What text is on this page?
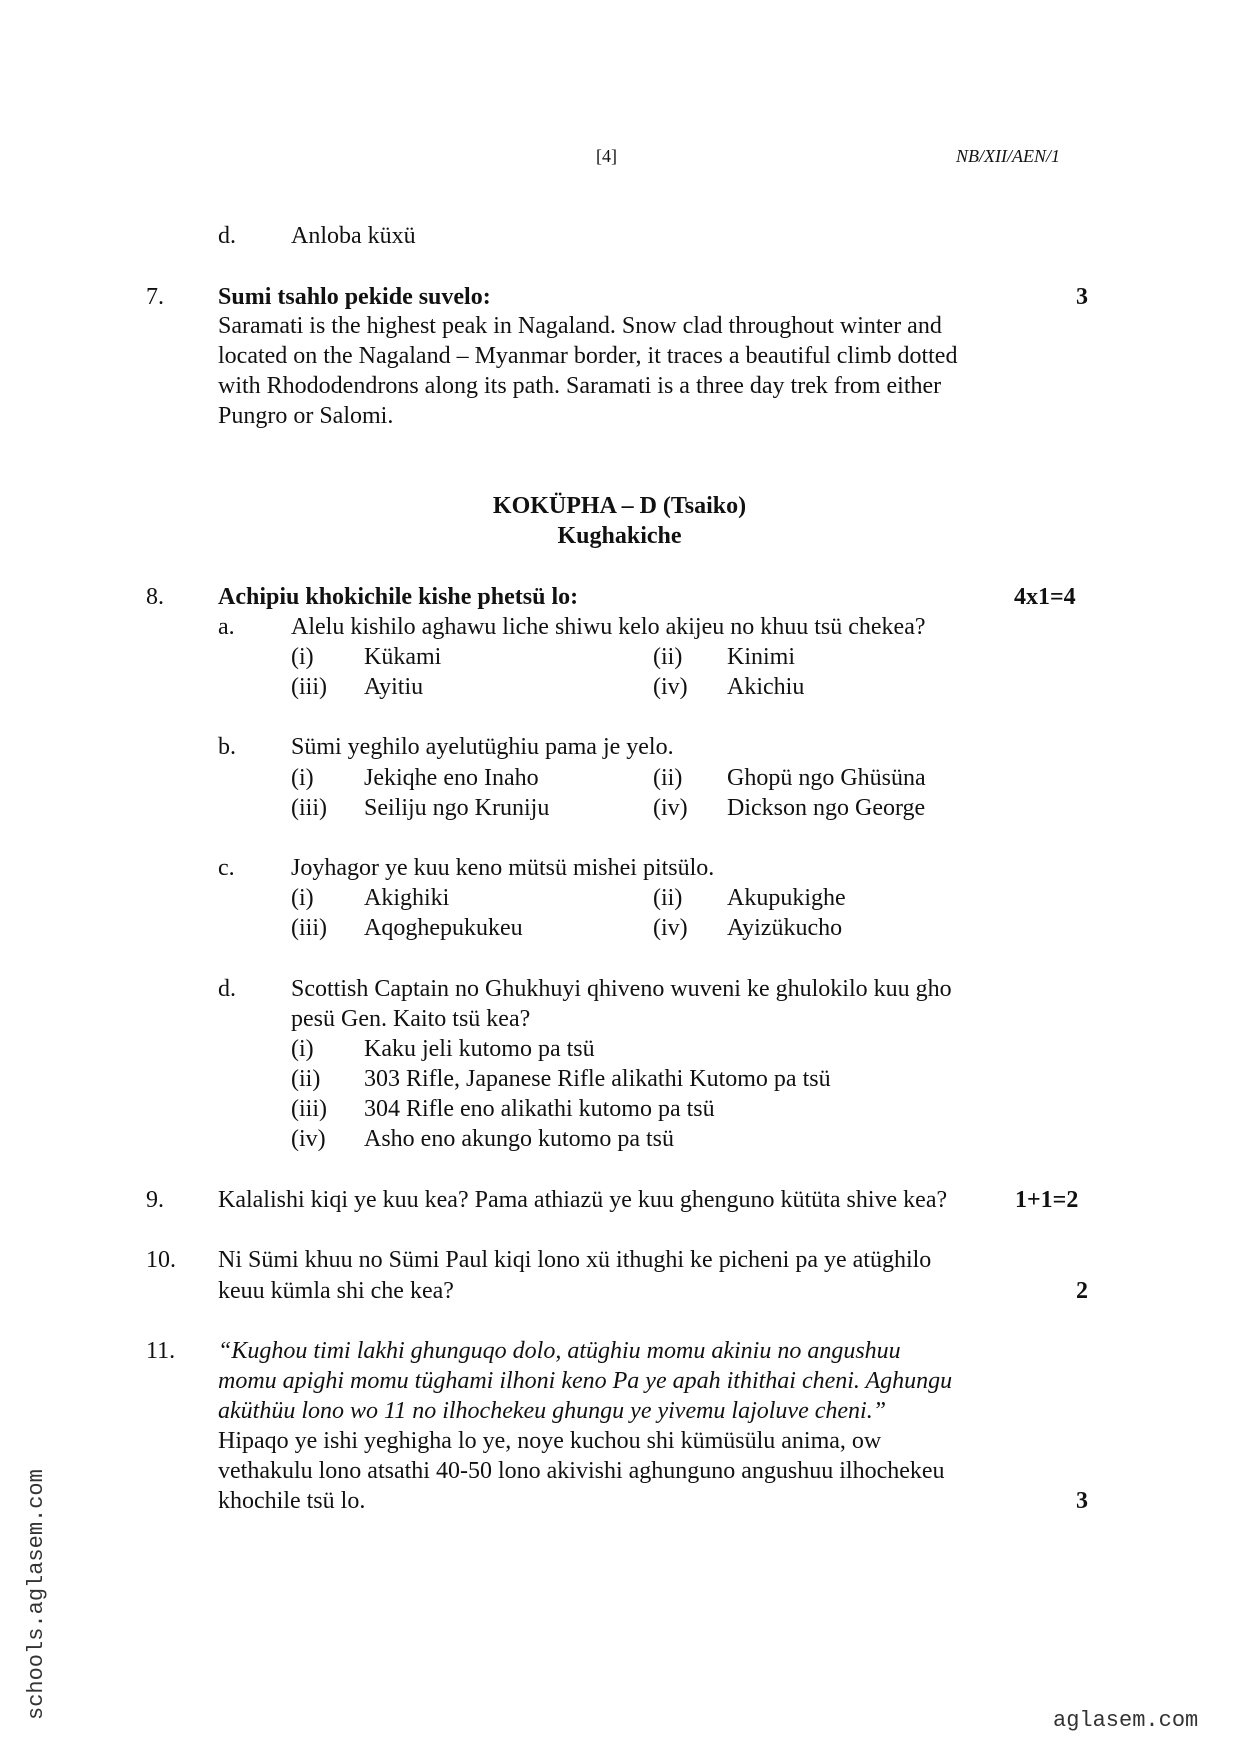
[4]	NB/XII/AEN/1
d. Anloba küxü
7. Sumi tsahlo pekide suvelo:	3
Saramati is the highest peak in Nagaland. Snow clad throughout winter and
located on the Nagaland – Myanmar border, it traces a beautiful climb dotted
with Rhododendrons along its path. Saramati is a three day trek from either
Pungro or Salomi.
KOKÜPHA – D (Tsaiko)
Kughakiche
8. Achipiu khokichile kishe phetsü lo:	4x1=4
a. Alelu kishilo aghawu liche shiwu kelo akijeu no khuu tsü chekea?
(i) Kükami	(ii) Kinimi
(iii) Ayitiu	(iv) Akichiu
b. Sümi yeghilo ayelutüghiu pama je yelo.
(i) Jekiqhe eno Inaho	(ii) Ghopü ngo Ghüsüna
(iii) Seiliju ngo Kruniju	(iv) Dickson ngo George
c. Joyhagor ye kuu keno mütsü mishei pitsülo.
(i) Akighiki	(ii) Akupukighe
(iii) Aqoghepukukeu	(iv) Ayizükucho
d. Scottish Captain no Ghukhuyi qhiveno wuveni ke ghulokilo kuu gho
pesü Gen. Kaito tsü kea?
(i) Kaku jeli kutomo pa tsü
(ii) 303 Rifle, Japanese Rifle alikathi Kutomo pa tsü
(iii) 304 Rifle eno alikathi kutomo pa tsü
(iv) Asho eno akungo kutomo pa tsü
9. Kalalishi kiqi ye kuu kea? Pama athiazü ye kuu ghenguno kütüta shive kea?	1+1=2
10. Ni Sümi khuu no Sümi Paul kiqi lono xü ithughi ke picheni pa ye atüghilo
keuu kümla shi che kea?	2
11. “Kughou timi lakhi ghunguqo dolo, atüghiu momu akiniu no angushuu
momu apighi momu tüghami ilhoni keno Pa ye apah ithithai cheni. Aghungu
aküthüu lono wo 11 no ilhochekeu ghungu ye yivemu lajoluve cheni.”
Hipaqo ye ishi yeghigha lo ye, noye kuchou shi kümüsülu anima, ow
vethakulu lono atsathi 40-50 lono akivishi aghunguno angushuu ilhochekeu
khochile tsü lo.	3
schools.aglasem.com
aglasem.com
